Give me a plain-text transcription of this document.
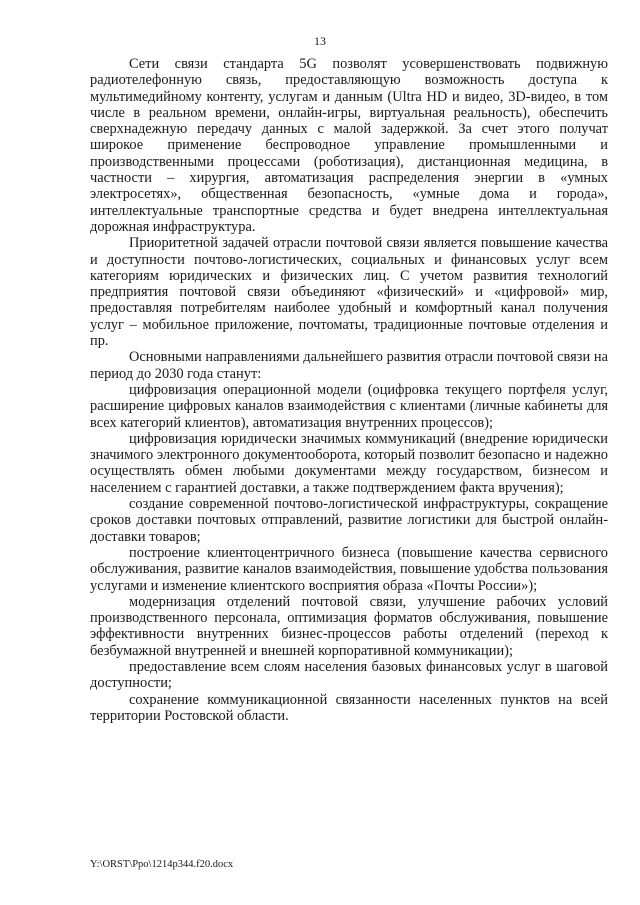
13

Сети связи стандарта 5G позволят усовершенствовать подвижную радиотелефонную связь, предоставляющую возможность доступа к мультимедийному контенту, услугам и данным (Ultra HD и видео, 3D-видео, в том числе в реальном времени, онлайн-игры, виртуальная реальность), обеспечить сверхнадежную передачу данных с малой задержкой. За счет этого получат широкое применение беспроводное управление промышленными и производственными процессами (роботизация), дистанционная медицина, в частности – хирургия, автоматизация распределения энергии в «умных электросетях», общественная безопасность, «умные дома и города», интеллектуальные транспортные средства и будет внедрена интеллектуальная дорожная инфраструктура.

Приоритетной задачей отрасли почтовой связи является повышение качества и доступности почтово-логистических, социальных и финансовых услуг всем категориям юридических и физических лиц. С учетом развития технологий предприятия почтовой связи объединяют «физический» и «цифровой» мир, предоставляя потребителям наиболее удобный и комфортный канал получения услуг – мобильное приложение, почтоматы, традиционные почтовые отделения и пр.

Основными направлениями дальнейшего развития отрасли почтовой связи на период до 2030 года станут:

цифровизация операционной модели (оцифровка текущего портфеля услуг, расширение цифровых каналов взаимодействия с клиентами (личные кабинеты для всех категорий клиентов), автоматизация внутренних процессов);

цифровизация юридически значимых коммуникаций (внедрение юридически значимого электронного документооборота, который позволит безопасно и надежно осуществлять обмен любыми документами между государством, бизнесом и населением с гарантией доставки, а также подтверждением факта вручения);

создание современной почтово-логистической инфраструктуры, сокращение сроков доставки почтовых отправлений, развитие логистики для быстрой онлайн-доставки товаров;

построение клиентоцентричного бизнеса (повышение качества сервисного обслуживания, развитие каналов взаимодействия, повышение удобства пользования услугами и изменение клиентского восприятия образа «Почты России»);

модернизация отделений почтовой связи, улучшение рабочих условий производственного персонала, оптимизация форматов обслуживания, повышение эффективности внутренних бизнес-процессов работы отделений (переход к безбумажной внутренней и внешней корпоративной коммуникации);

предоставление всем слоям населения базовых финансовых услуг в шаговой доступности;

сохранение коммуникационной связанности населенных пунктов на всей территории Ростовской области.

Y:\ORST\Ppo\1214p344.f20.docx
